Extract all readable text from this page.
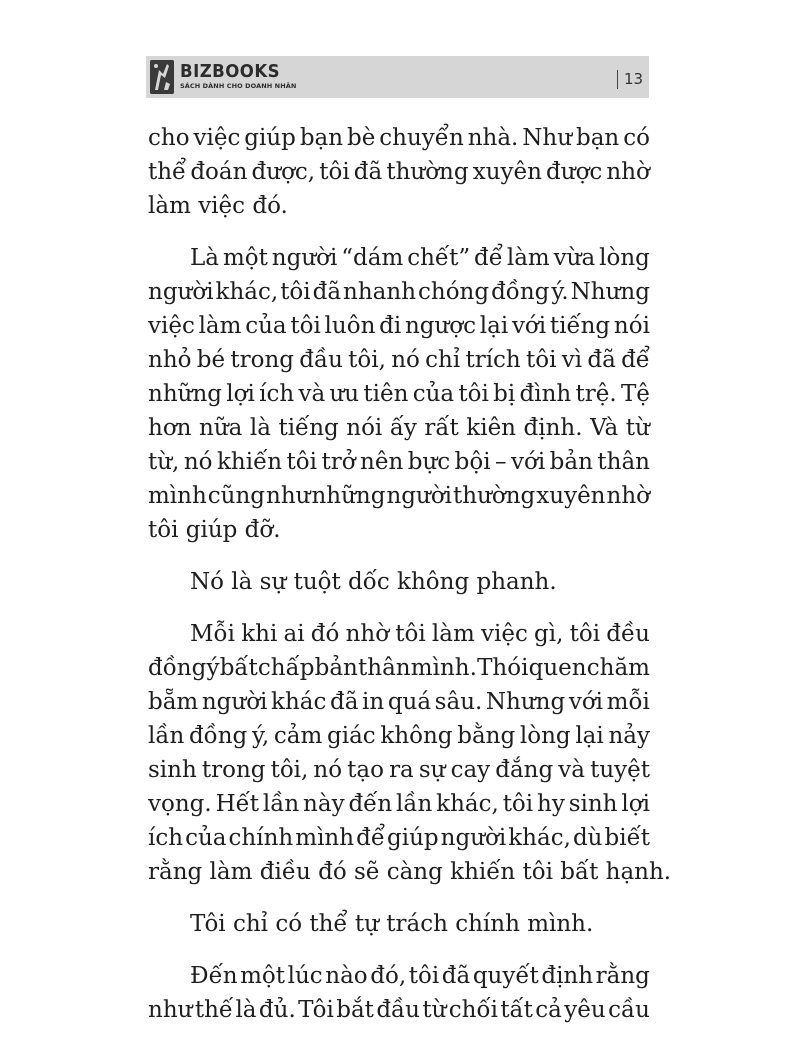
BIZBOOKS
SÁCH DÀNH CHO DOANH NHÂN	13
cho việc giúp bạn bè chuyển nhà. Như bạn có
thể đoán được, tôi đã thường xuyên được nhờ
làm việc đó.
Là một người “dám chết” để làm vừa lòng
người khác, tôi đã nhanh chóng đồng ý. Nhưng
việc làm của tôi luôn đi ngược lại với tiếng nói
nhỏ bé trong đầu tôi, nó chỉ trích tôi vì đã để
những lợi ích và ưu tiên của tôi bị đình trệ. Tệ
hơn nữa là tiếng nói ấy rất kiên định. Và từ
từ, nó khiến tôi trở nên bực bội – với bản thân
mình cũng như những người thường xuyên nhờ
tôi giúp đỡ.
Nó là sự tuột dốc không phanh.
Mỗi khi ai đó nhờ tôi làm việc gì, tôi đều
đồng ý bất chấp bản thân mình. Thói quen chăm
bẵm người khác đã in quá sâu. Nhưng với mỗi
lần đồng ý, cảm giác không bằng lòng lại nảy
sinh trong tôi, nó tạo ra sự cay đắng và tuyệt
vọng. Hết lần này đến lần khác, tôi hy sinh lợi
ích của chính mình để giúp người khác, dù biết
rằng làm điều đó sẽ càng khiến tôi bất hạnh.
Tôi chỉ có thể tự trách chính mình.
Đến một lúc nào đó, tôi đã quyết định rằng
như thế là đủ. Tôi bắt đầu từ chối tất cả yêu cầu
